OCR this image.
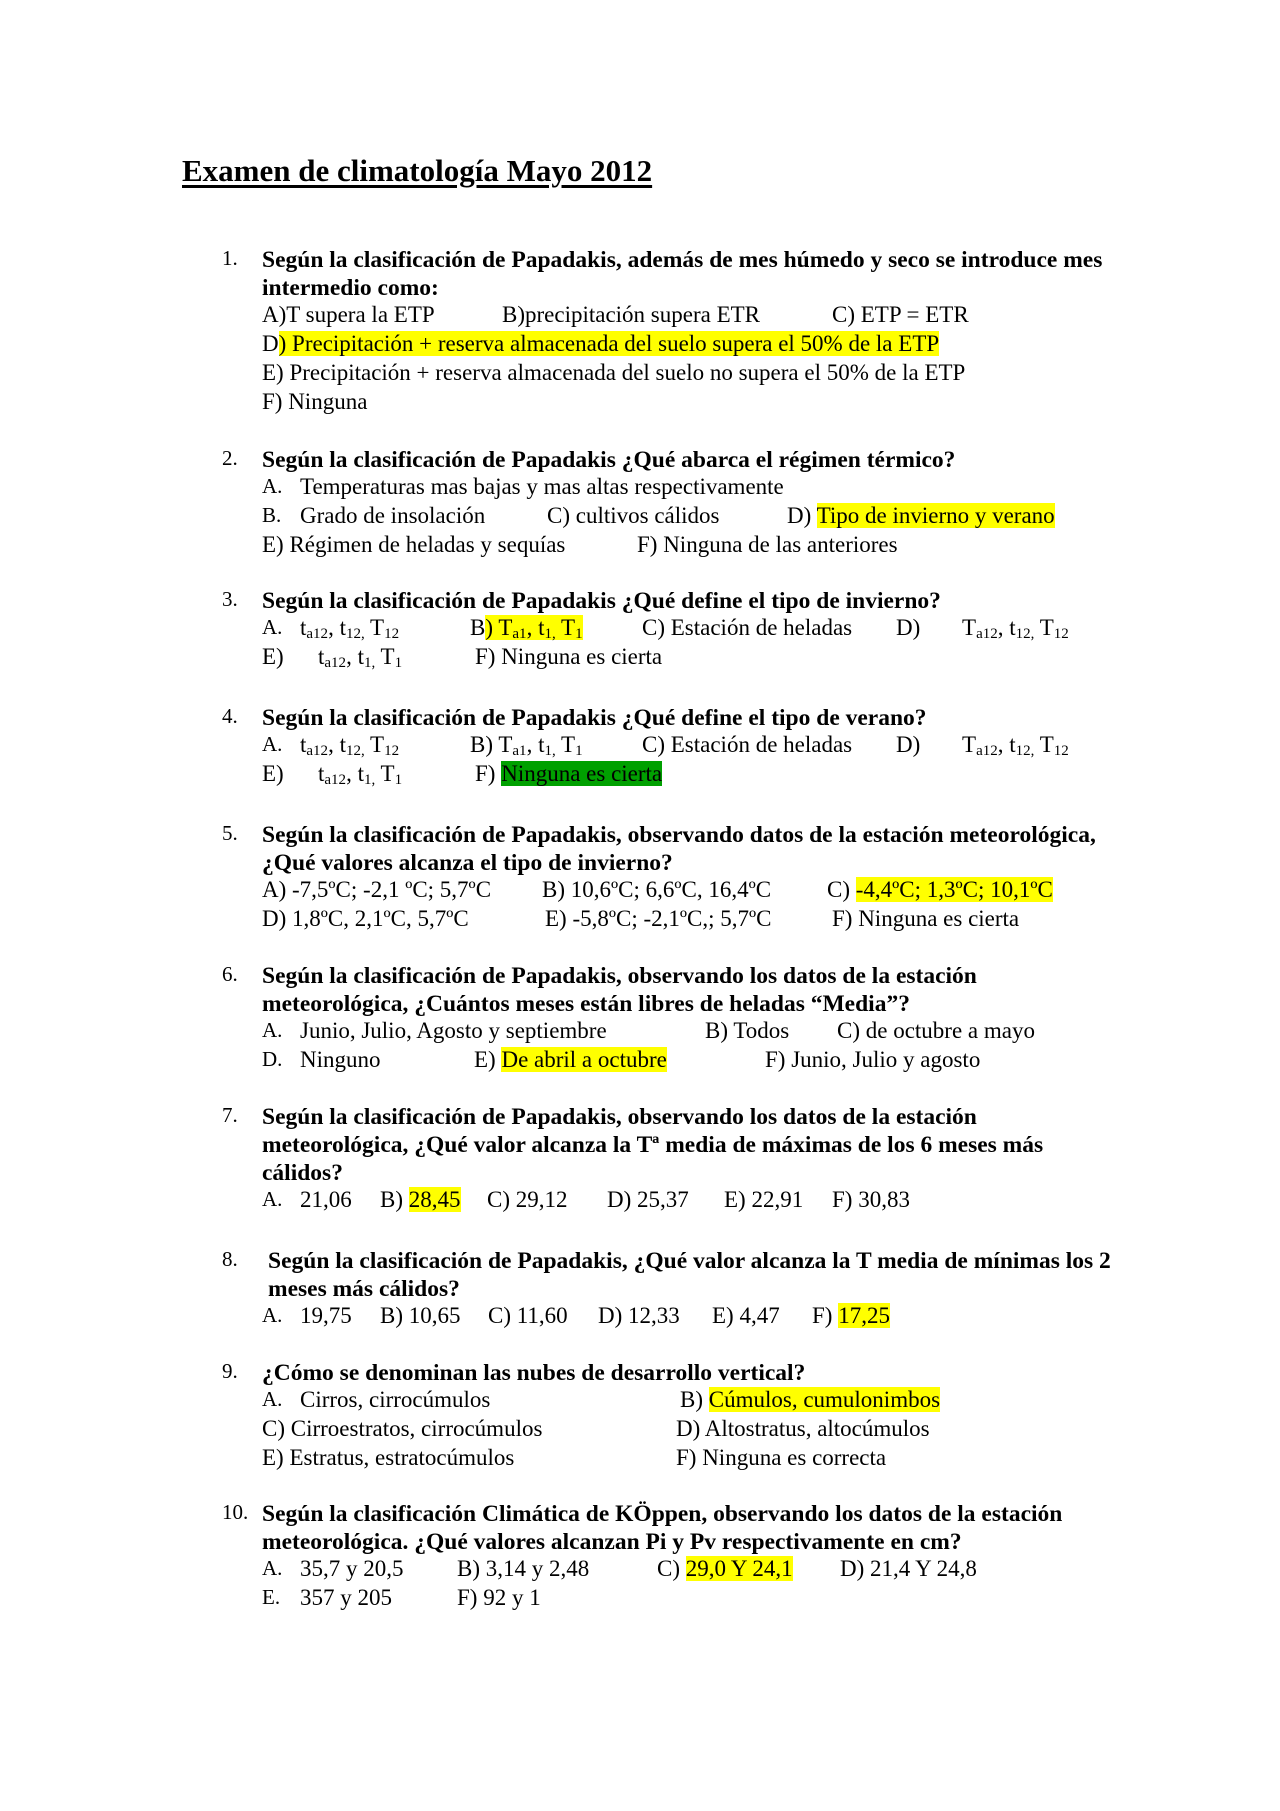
Examen de climatología Mayo 2012
1. Según la clasificación de Papadakis, además de mes húmedo y seco se introduce mes intermedio como:
A)T supera la ETP	B)precipitación supera ETR	C) ETP = ETR
D) Precipitación + reserva almacenada del suelo supera el 50% de la ETP
E) Precipitación + reserva almacenada del suelo no supera el 50% de la ETP
F) Ninguna
2. Según la clasificación de Papadakis ¿Qué abarca el régimen térmico?
A. Temperaturas mas bajas y mas altas respectivamente
B. Grado de insolación	C) cultivos cálidos	D) Tipo de invierno y verano
E) Régimen de heladas y sequías	F) Ninguna de las anteriores
3. Según la clasificación de Papadakis ¿Qué define el tipo de invierno?
A. $t_{a12}$, $t_{12,}$ $T_{12}$	B) $T_{a1}$, $t_{1,}$ $T_1$	C) Estación de heladas D) $T_{a12}$, $t_{12,}$ $T_{12}$
E) $t_{a12}$, $t_{1,}$ $T_1$	F) Ninguna es cierta
4. Según la clasificación de Papadakis ¿Qué define el tipo de verano?
A. $t_{a12}$, $t_{12,}$ $T_{12}$	B) $T_{a1}$, $t_{1,}$ $T_1$	C) Estación de heladas D) $T_{a12}$, $t_{12,}$ $T_{12}$
E) $t_{a12}$, $t_{1,}$ $T_1$	F) Ninguna es cierta
5. Según la clasificación de Papadakis, observando datos de la estación meteorológica, ¿Qué valores alcanza el tipo de invierno?
A) -7,5ºC; -2,1 ºC; 5,7ºC B) 10,6ºC; 6,6ºC, 16,4ºC C) -4,4ºC; 1,3ºC; 10,1ºC
D) 1,8ºC, 2,1ºC, 5,7ºC	E) -5,8ºC; -2,1ºC,; 5,7ºC	F) Ninguna es cierta
6. Según la clasificación de Papadakis, observando los datos de la estación meteorológica, ¿Cuántos meses están libres de heladas “Media”?
A. Junio, Julio, Agosto y septiembre	B) Todos C) de octubre a mayo
D. Ninguno	E) De abril a octubre	F) Junio, Julio y agosto
7. Según la clasificación de Papadakis, observando los datos de la estación meteorológica, ¿Qué valor alcanza la Tª media de máximas de los 6 meses más cálidos?
A. 21,06 B) 28,45 C) 29,12 D) 25,37 E) 22,91 F) 30,83
8. Según la clasificación de Papadakis, ¿Qué valor alcanza la T media de mínimas los 2 meses más cálidos?
A. 19,75 B) 10,65 C) 11,60 D) 12,33 E) 4,47 F) 17,25
9. ¿Cómo se denominan las nubes de desarrollo vertical?
A. Cirros, cirrocúmulos	B) Cúmulos, cumulonimbos
C) Cirroestratos, cirrocúmulos	D) Altostratus, altocúmulos
E) Estratus, estratocúmulos	F) Ninguna es correcta
10. Según la clasificación Climática de KÖppen, observando los datos de la estación meteorológica. ¿Qué valores alcanzan Pi y Pv respectivamente en cm?
A. 35,7 y 20,5 B) 3,14 y 2,48	C) 29,0 Y 24,1 D) 21,4 Y 24,8
E. 357 y 205	F) 92 y 1
